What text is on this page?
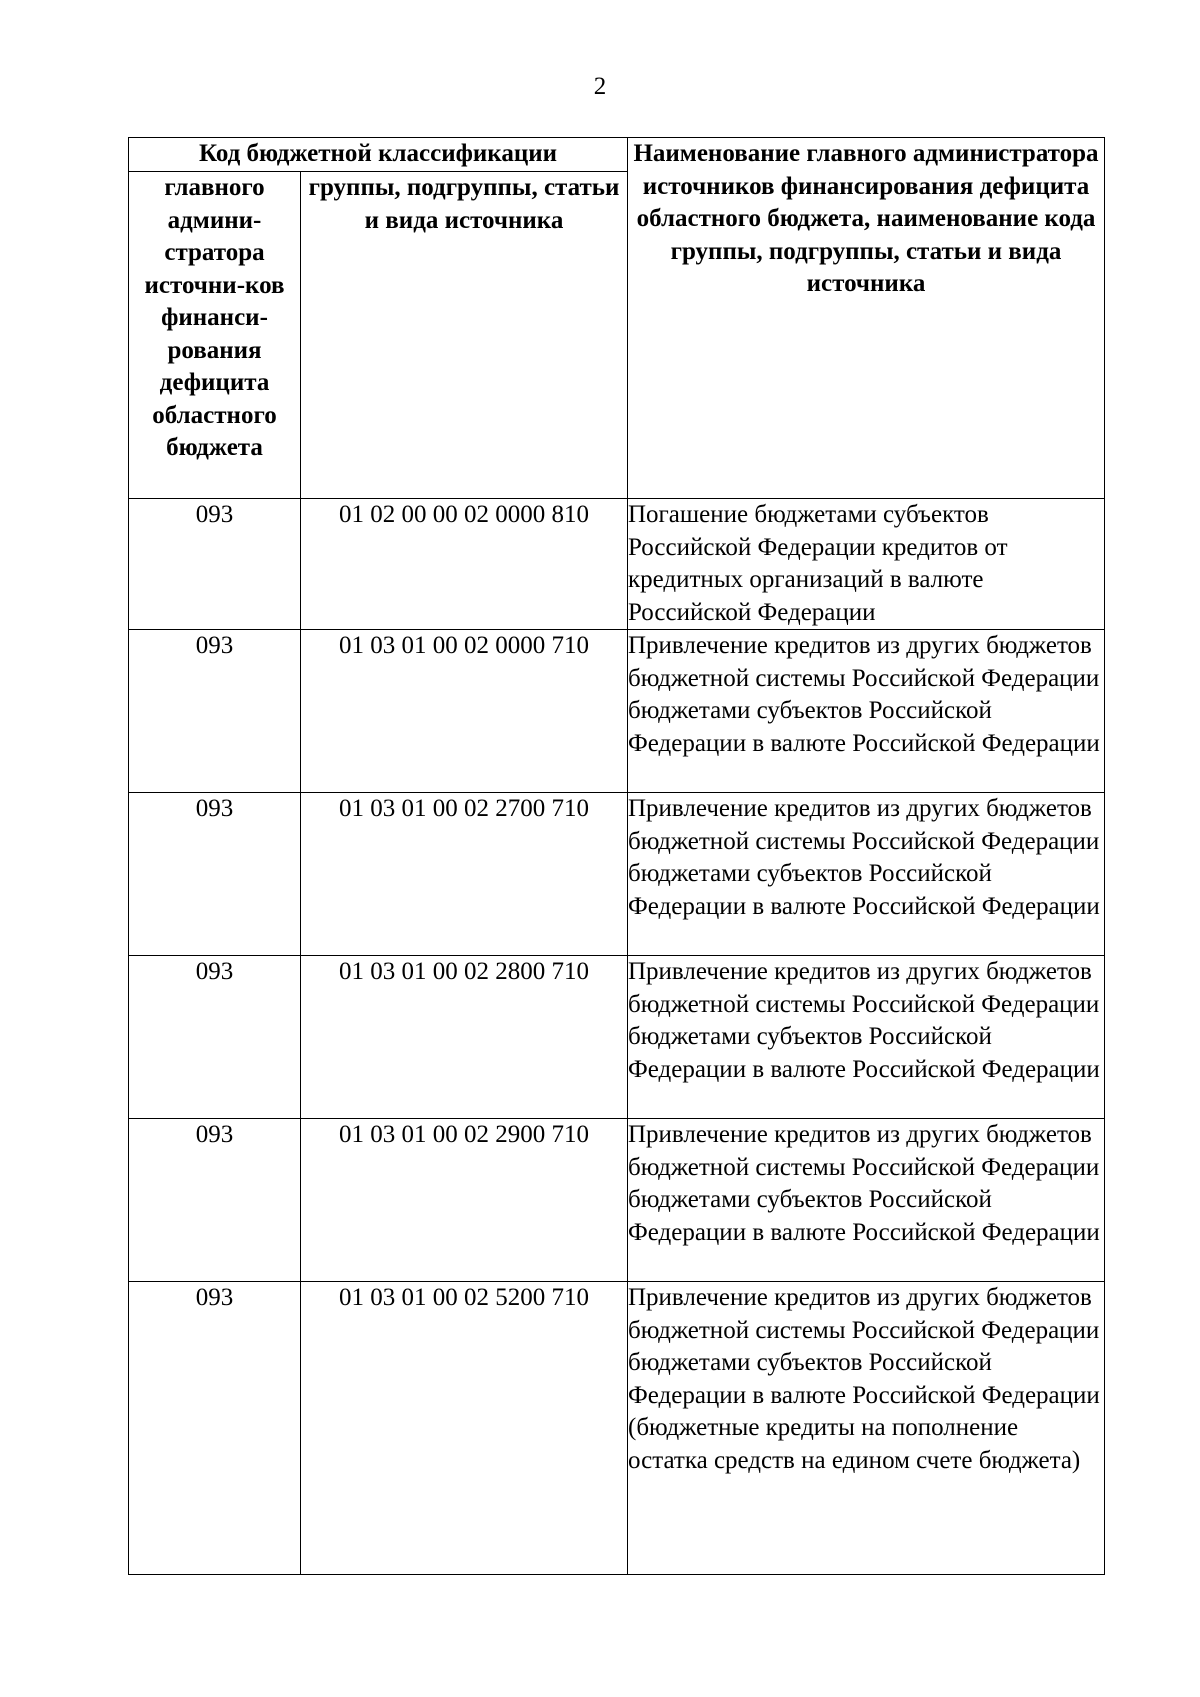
2
Код бюджетной классификации		Наименование главного администратора источников финансирования дефицита областного бюджета, наименование кода группы, подгруппы, статьи и вида источника
главного админи-стратора источни-ков финанси-рования дефицита областного бюджета	группы, подгруппы, статьи и вида источника	
093	01 02 00 00 02 0000 810	Погашение бюджетами субъектов Российской Федерации кредитов от кредитных организаций в валюте Российской Федерации
093	01 03 01 00 02 0000 710	Привлечение кредитов из других бюджетов бюджетной системы Российской Федерации бюджетами субъектов Российской Федерации в валюте Российской Федерации
093	01 03 01 00 02 2700 710	Привлечение кредитов из других бюджетов бюджетной системы Российской Федерации бюджетами субъектов Российской Федерации в валюте Российской Федерации
093	01 03 01 00 02 2800 710	Привлечение кредитов из других бюджетов бюджетной системы Российской Федерации бюджетами субъектов Российской Федерации в валюте Российской Федерации
093	01 03 01 00 02 2900 710	Привлечение кредитов из других бюджетов бюджетной системы Российской Федерации бюджетами субъектов Российской Федерации в валюте Российской Федерации
093	01 03 01 00 02 5200 710	Привлечение кредитов из других бюджетов бюджетной системы Российской Федерации бюджетами субъектов Российской Федерации в валюте Российской Федерации (бюджетные кредиты на пополнение остатка средств на едином счете бюджета)
